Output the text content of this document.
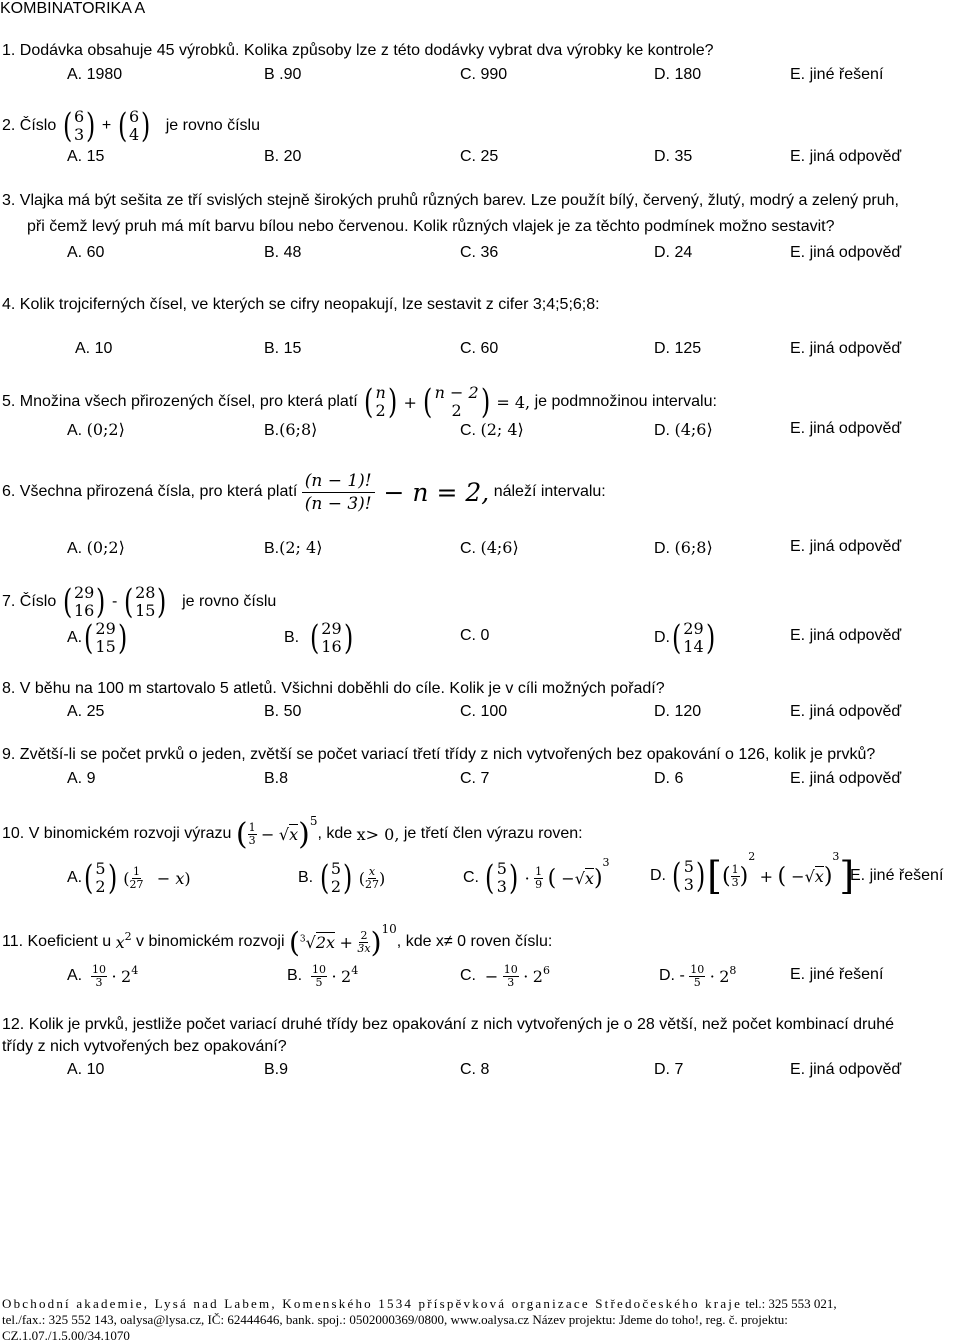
KOMBINATORIKA A
1. Dodávka obsahuje 45 výrobků. Kolika způsoby lze z této dodávky vybrat dva výrobky ke kontrole?
A. 1980	B .90	C. 990	D. 180	E. jiné řešení
2. Číslo
( 6
3 )
+
( 6
4 )
je rovno číslu
A. 15	B. 20	C. 25	D. 35	E. jiná odpověď
3. Vlajka má být sešita ze tří svislých stejně širokých pruhů různých barev. Lze použít bílý, červený, žlutý, modrý a zelený pruh,
při čemž levý pruh má mít barvu bílou nebo červenou. Kolik různých vlajek je za těchto podmínek možno sestavit?
A. 60	B. 48	C. 36	D. 24	E. jiná odpověď
4. Kolik trojciferných čísel, ve kterých se cifry neopakují, lze sestavit z cifer 3;4;5;6;8:
A. 10	B. 15	C. 60	D. 125	E. jiná odpověď
5. Množina všech přirozených čísel, pro která platí
( n
2 )
+
( n − 2
2 )
= 4,
je podmnožinou intervalu:
A. (0;2⟩	B.(6;8⟩	C. (2; 4⟩	D. (4;6⟩	E. jiná odpověď
6. Všechna přirozená čísla, pro která platí

(n − 1)!
(n − 3)!
− n = 2,
náleží intervalu:
A. (0;2⟩	B.(2; 4⟩	C. (4;6⟩	D. (6;8⟩	E. jiná odpověď
7. Číslo
( 29
16 )
-
( 28
15 )
je rovno číslu
A. ( 29
15 )	B.
( 29
16 )	C. 0	D. ( 29
14 )	E. jiná odpověď
8. V běhu na 100 m startovalo 5 atletů. Všichni doběhli do cíle. Kolik je v cíli možných pořadí?
A. 25	B. 50	C. 100	D. 120	E. jiná odpověď
9. Zvětší-li se počet prvků o jeden, zvětší se počet variací třetí třídy z nich vytvořených bez opakování o 126, kolik je prvků?
A. 9	B.8	C. 7	D. 6	E. jiná odpověď
10. V binomickém rozvoji výrazu
( $\frac{1}{3}$
−
√x )$^5$
, kde
x> 0,
je třetí člen výrazu roven:
A. ( 5
2 )
( $\frac{1}{27}$
− x )	B.
( 5
2 )
( $\frac{x}{27}$ )	C.
( 5
3 )
·
$\frac{1}{9}$
( −√x )
$^3$
D.
( 5
3 ) [ ( $\frac{1}{3}$ )
2

+
( −√x )
3 ]
E. jiné řešení
11. Koeficient u
$x^2$
v binomickém rozvoji
( $^3$√2x
+
$\frac{2}{3x} )^{10}$
, kde x≠ 0 roven číslu:
A.
$\frac{10}{3}$
·
$2^4$	B.
$\frac{10}{5}$
·
$2^4$	C.
−
$\frac{10}{3}$
·
$2^6$	D.
-
$\frac{10}{5}$
·
$2^8$	E. jiné řešení
12. Kolik je prvků, jestliže počet variací druhé třídy bez opakování z nich vytvořených je o 28 větší, než počet kombinací druhé
třídy z nich vytvořených bez opakování?
A. 10	B.9	C. 8	D. 7	E. jiná odpověď
Obchodní akademie, Lysá nad Labem, Komenského 1534 příspěvková organizace Středočeského kraje tel.: 325 553 021,
tel./fax.: 325 552 143, oalysa@lysa.cz, IČ: 62444646, bank. spoj.: 0502000369/0800, www.oalysa.cz Název projektu: Jdeme do toho!, reg. č. projektu:
CZ.1.07./1.5.00/34.1070
